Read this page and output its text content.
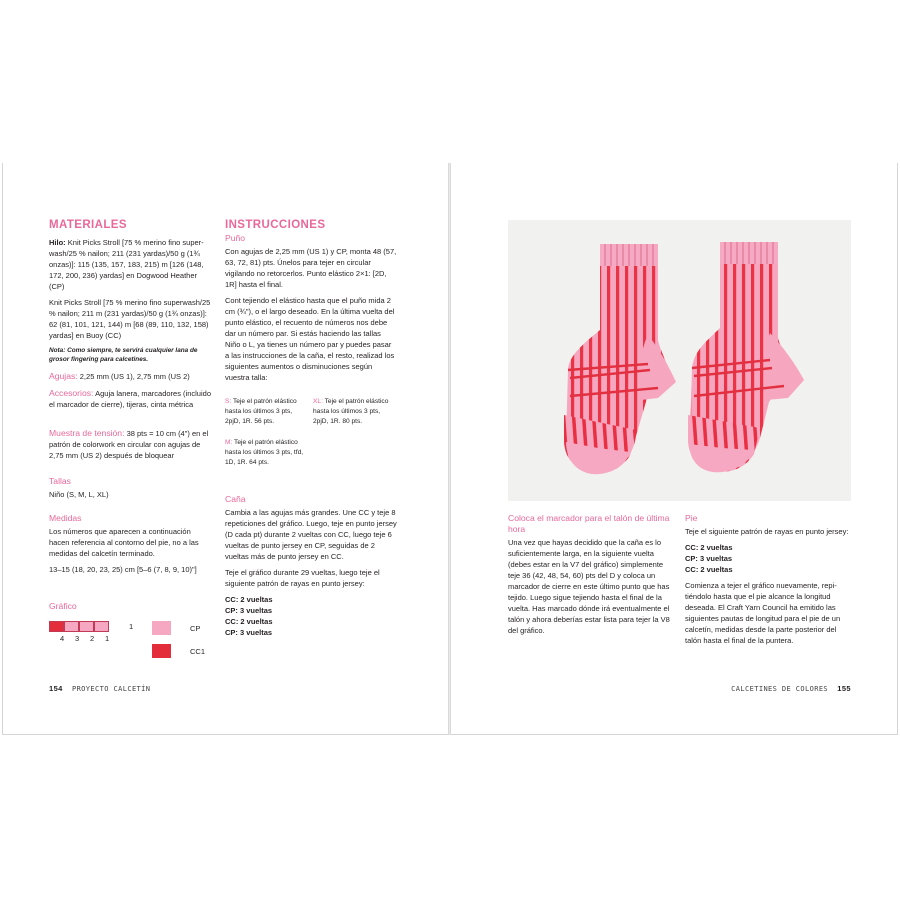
MATERIALES

Hilo: Knit Picks Stroll [75 % merino fino superwash/25 % nailon; 211 (231 yardas)/50 g (1¾ onzas)]: 115 (135, 157, 183, 215) m [126 (148, 172, 200, 236) yardas] en Dogwood Heather (CP)

Knit Picks Stroll [75 % merino fino superwash/25 % nailon; 211 m (231 yardas)/50 g (1¾ onzas)]: 62 (81, 101, 121, 144) m [68 (89, 110, 132, 158) yardas] en Buoy (CC)

Nota: Como siempre, te servirá cualquier lana de grosor fingering para calcetines.

Agujas: 2,25 mm (US 1), 2,75 mm (US 2)

Accesorios: Aguja lanera, marcadores (incluido el marcador de cierre), tijeras, cinta métrica

Muestra de tensión: 38 pts = 10 cm (4") en el patrón de colorwork en circular con agujas de 2,75 mm (US 2) después de bloquear

Tallas
Niño (S, M, L, XL)
Medidas

Los números que aparecen a continuación hacen referencia al contorno del pie, no a las medidas del calcetín terminado.

13–15 (18, 20, 23, 25) cm [5–6 (7, 8, 9, 10)"]

Gráfico
1
4 3 2 1
CP
CC1
INSTRUCCIONES
Puño

Con agujas de 2,25 mm (US 1) y CP, monta 48 (57, 63, 72, 81) pts. Únelos para tejer en circular vigilando no retorcerlos. Punto elástico 2×1: [2D, 1R] hasta el final.

Cont tejiendo el elástico hasta que el puño mida 2 cm (¾"), o el largo deseado. En la última vuelta del punto elástico, el recuento de números nos debe dar un número par. Si estás haciendo las tallas Niño o L, ya tienes un número par y puedes pasar a las instrucciones de la caña, el resto, realizad los siguientes aumentos o disminuciones según vuestra talla:

S: Teje el patrón elástico hasta los últimos 3 pts, 2pjD, 1R. 56 pts.
XL: Teje el patrón elástico hasta los últimos 3 pts, 2pjD, 1R. 80 pts.
M: Teje el patrón elástico hasta los últimos 3 pts, tfd, 1D, 1R. 64 pts.
Caña

Cambia a las agujas más grandes. Une CC y teje 8 repeticiones del gráfico. Luego, teje en punto jersey (D cada pt) durante 2 vueltas con CC, luego teje 6 vueltas de punto jersey en CP, seguidas de 2 vueltas más de punto jersey en CC.

Teje el gráfico durante 29 vueltas, luego teje el siguiente patrón de rayas en punto jersey:

CC: 2 vueltas
CP: 3 vueltas
CC: 2 vueltas
CP: 3 vueltas
154 PROYECTO CALCETÍN
Coloca el marcador para el talón de última hora

Una vez que hayas decidido que la caña es lo suficientemente larga, en la siguiente vuelta (debes estar en la V7 del gráfico) simplemente teje 36 (42, 48, 54, 60) pts del D y coloca un marcador de cierre en este último punto que has tejido. Luego sigue tejiendo hasta el final de la vuelta. Has marcado dónde irá eventualmente el talón y ahora deberías estar lista para tejer la V8 del gráfico.

Pie

Teje el siguiente patrón de rayas en punto jersey:

CC: 2 vueltas
CP: 3 vueltas
CC: 2 vueltas

Comienza a tejer el gráfico nuevamente, repitiéndolo hasta que el pie alcance la longitud deseada. El Craft Yarn Council ha emitido las siguientes pautas de longitud para el pie de un calcetín, medidas desde la parte posterior del talón hasta el final de la puntera.

CALCETINES DE COLORES 155
